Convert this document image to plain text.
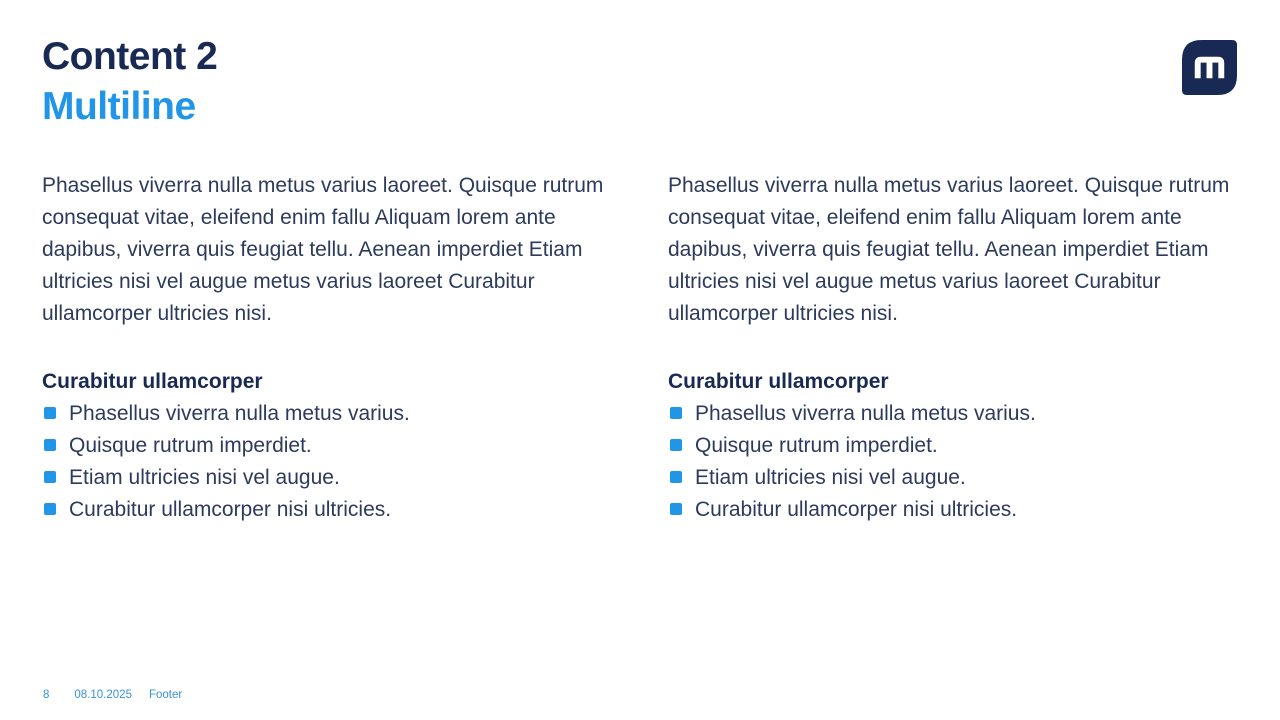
Content 2
Multiline

Phasellus viverra nulla metus varius laoreet. Quisque rutrum consequat vitae, eleifend enim fallu Aliquam lorem ante dapibus, viverra quis feugiat tellu. Aenean imperdiet Etiam ultricies nisi vel augue metus varius laoreet Curabitur ullamcorper ultricies nisi.

Curabitur ullamcorper
Phasellus viverra nulla metus varius.
Quisque rutrum imperdiet.
Etiam ultricies nisi vel augue.
Curabitur ullamcorper nisi ultricies.

Phasellus viverra nulla metus varius laoreet. Quisque rutrum consequat vitae, eleifend enim fallu Aliquam lorem ante dapibus, viverra quis feugiat tellu. Aenean imperdiet Etiam ultricies nisi vel augue metus varius laoreet Curabitur ullamcorper ultricies nisi.

Curabitur ullamcorper
Phasellus viverra nulla metus varius.
Quisque rutrum imperdiet.
Etiam ultricies nisi vel augue.
Curabitur ullamcorper nisi ultricies.
8 08.10.2025 Footer
